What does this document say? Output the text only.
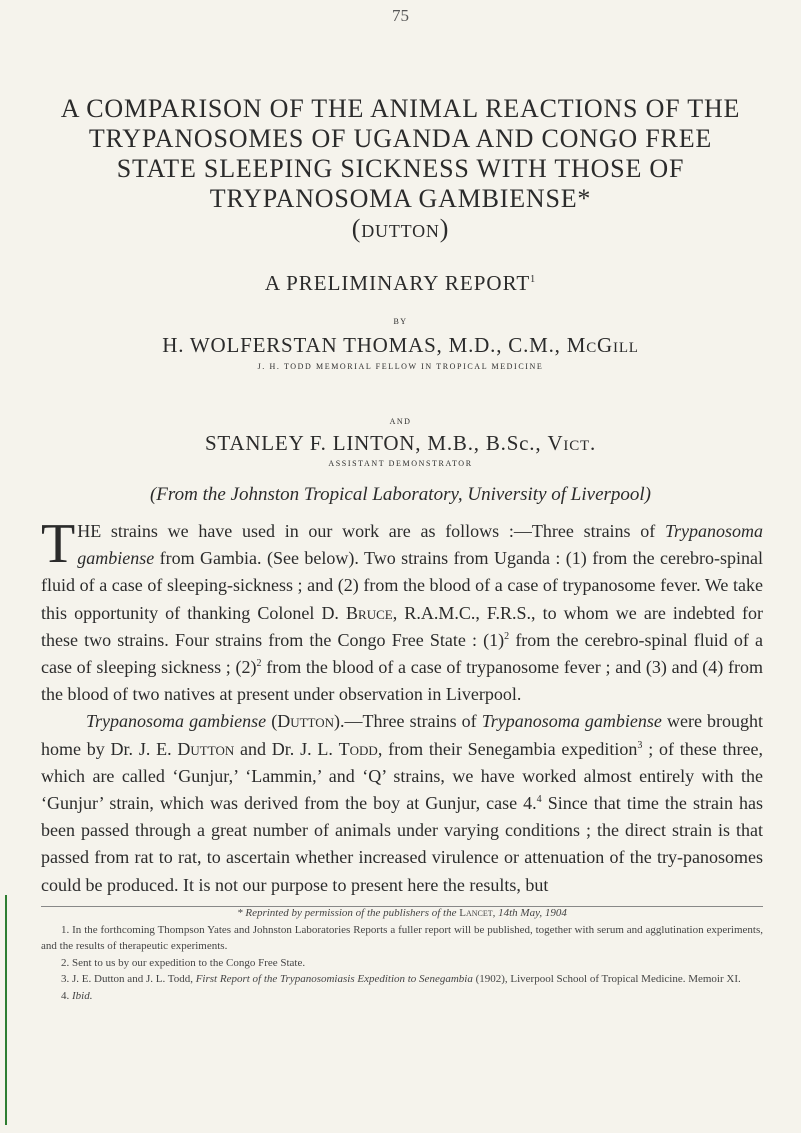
75
A COMPARISON OF THE ANIMAL REACTIONS OF THE
TRYPANOSOMES OF UGANDA AND CONGO FREE
STATE SLEEPING SICKNESS WITH THOSE OF
TRYPANOSOMA GAMBIENSE*
(dutton)
A PRELIMINARY REPORT$^1$
BY
H. WOLFERSTAN THOMAS, M.D., C.M., McGill
J. H. TODD MEMORIAL FELLOW IN TROPICAL MEDICINE
AND
STANLEY F. LINTON, M.B., B.Sc., Vict.
ASSISTANT DEMONSTRATOR
(From the Johnston Tropical Laboratory, University of Liverpool)

THE strains we have used in our work are as follows :—Three strains of Trypanosoma gambiense from Gambia. (See below). Two strains from Uganda : (1) from the cerebro-spinal fluid of a case of sleeping-sickness ; and (2) from the blood of a case of trypanosome fever. We take this opportunity of thanking Colonel D. Bruce, R.A.M.C., F.R.S., to whom we are indebted for these two strains. Four strains from the Congo Free State : $(1)^2$ from the cerebro-spinal fluid of a case of sleeping sickness ; $(2)^2$ from the blood of a case of trypanosome fever ; and (3) and (4) from the blood of two natives at present under observation in Liverpool.

Trypanosoma gambiense (Dutton).—Three strains of Trypanosoma gambiense were brought home by Dr. J. E. Dutton and Dr. J. L. Todd, from their Senegambia expedition$^3$ ; of these three, which are called ‘Gunjur,’ ‘Lammin,’ and ‘Q’ strains, we have worked almost entirely with the ‘Gunjur’ strain, which was derived from the boy at Gunjur, case 4.$^4$ Since that time the strain has been passed through a great number of animals under varying conditions ; the direct strain is that passed from rat to rat, to ascertain whether increased virulence or attenuation of the try-panosomes could be produced. It is not our purpose to present here the results, but

* Reprinted by permission of the publishers of the Lancet, 14th May, 1904

1. In the forthcoming Thompson Yates and Johnston Laboratories Reports a fuller report will be published, together with serum and agglutination experiments, and the results of therapeutic experiments.

2. Sent to us by our expedition to the Congo Free State.

3. J. E. Dutton and J. L. Todd, First Report of the Trypanosomiasis Expedition to Senegambia (1902), Liverpool School of Tropical Medicine. Memoir XI.

4. Ibid.
